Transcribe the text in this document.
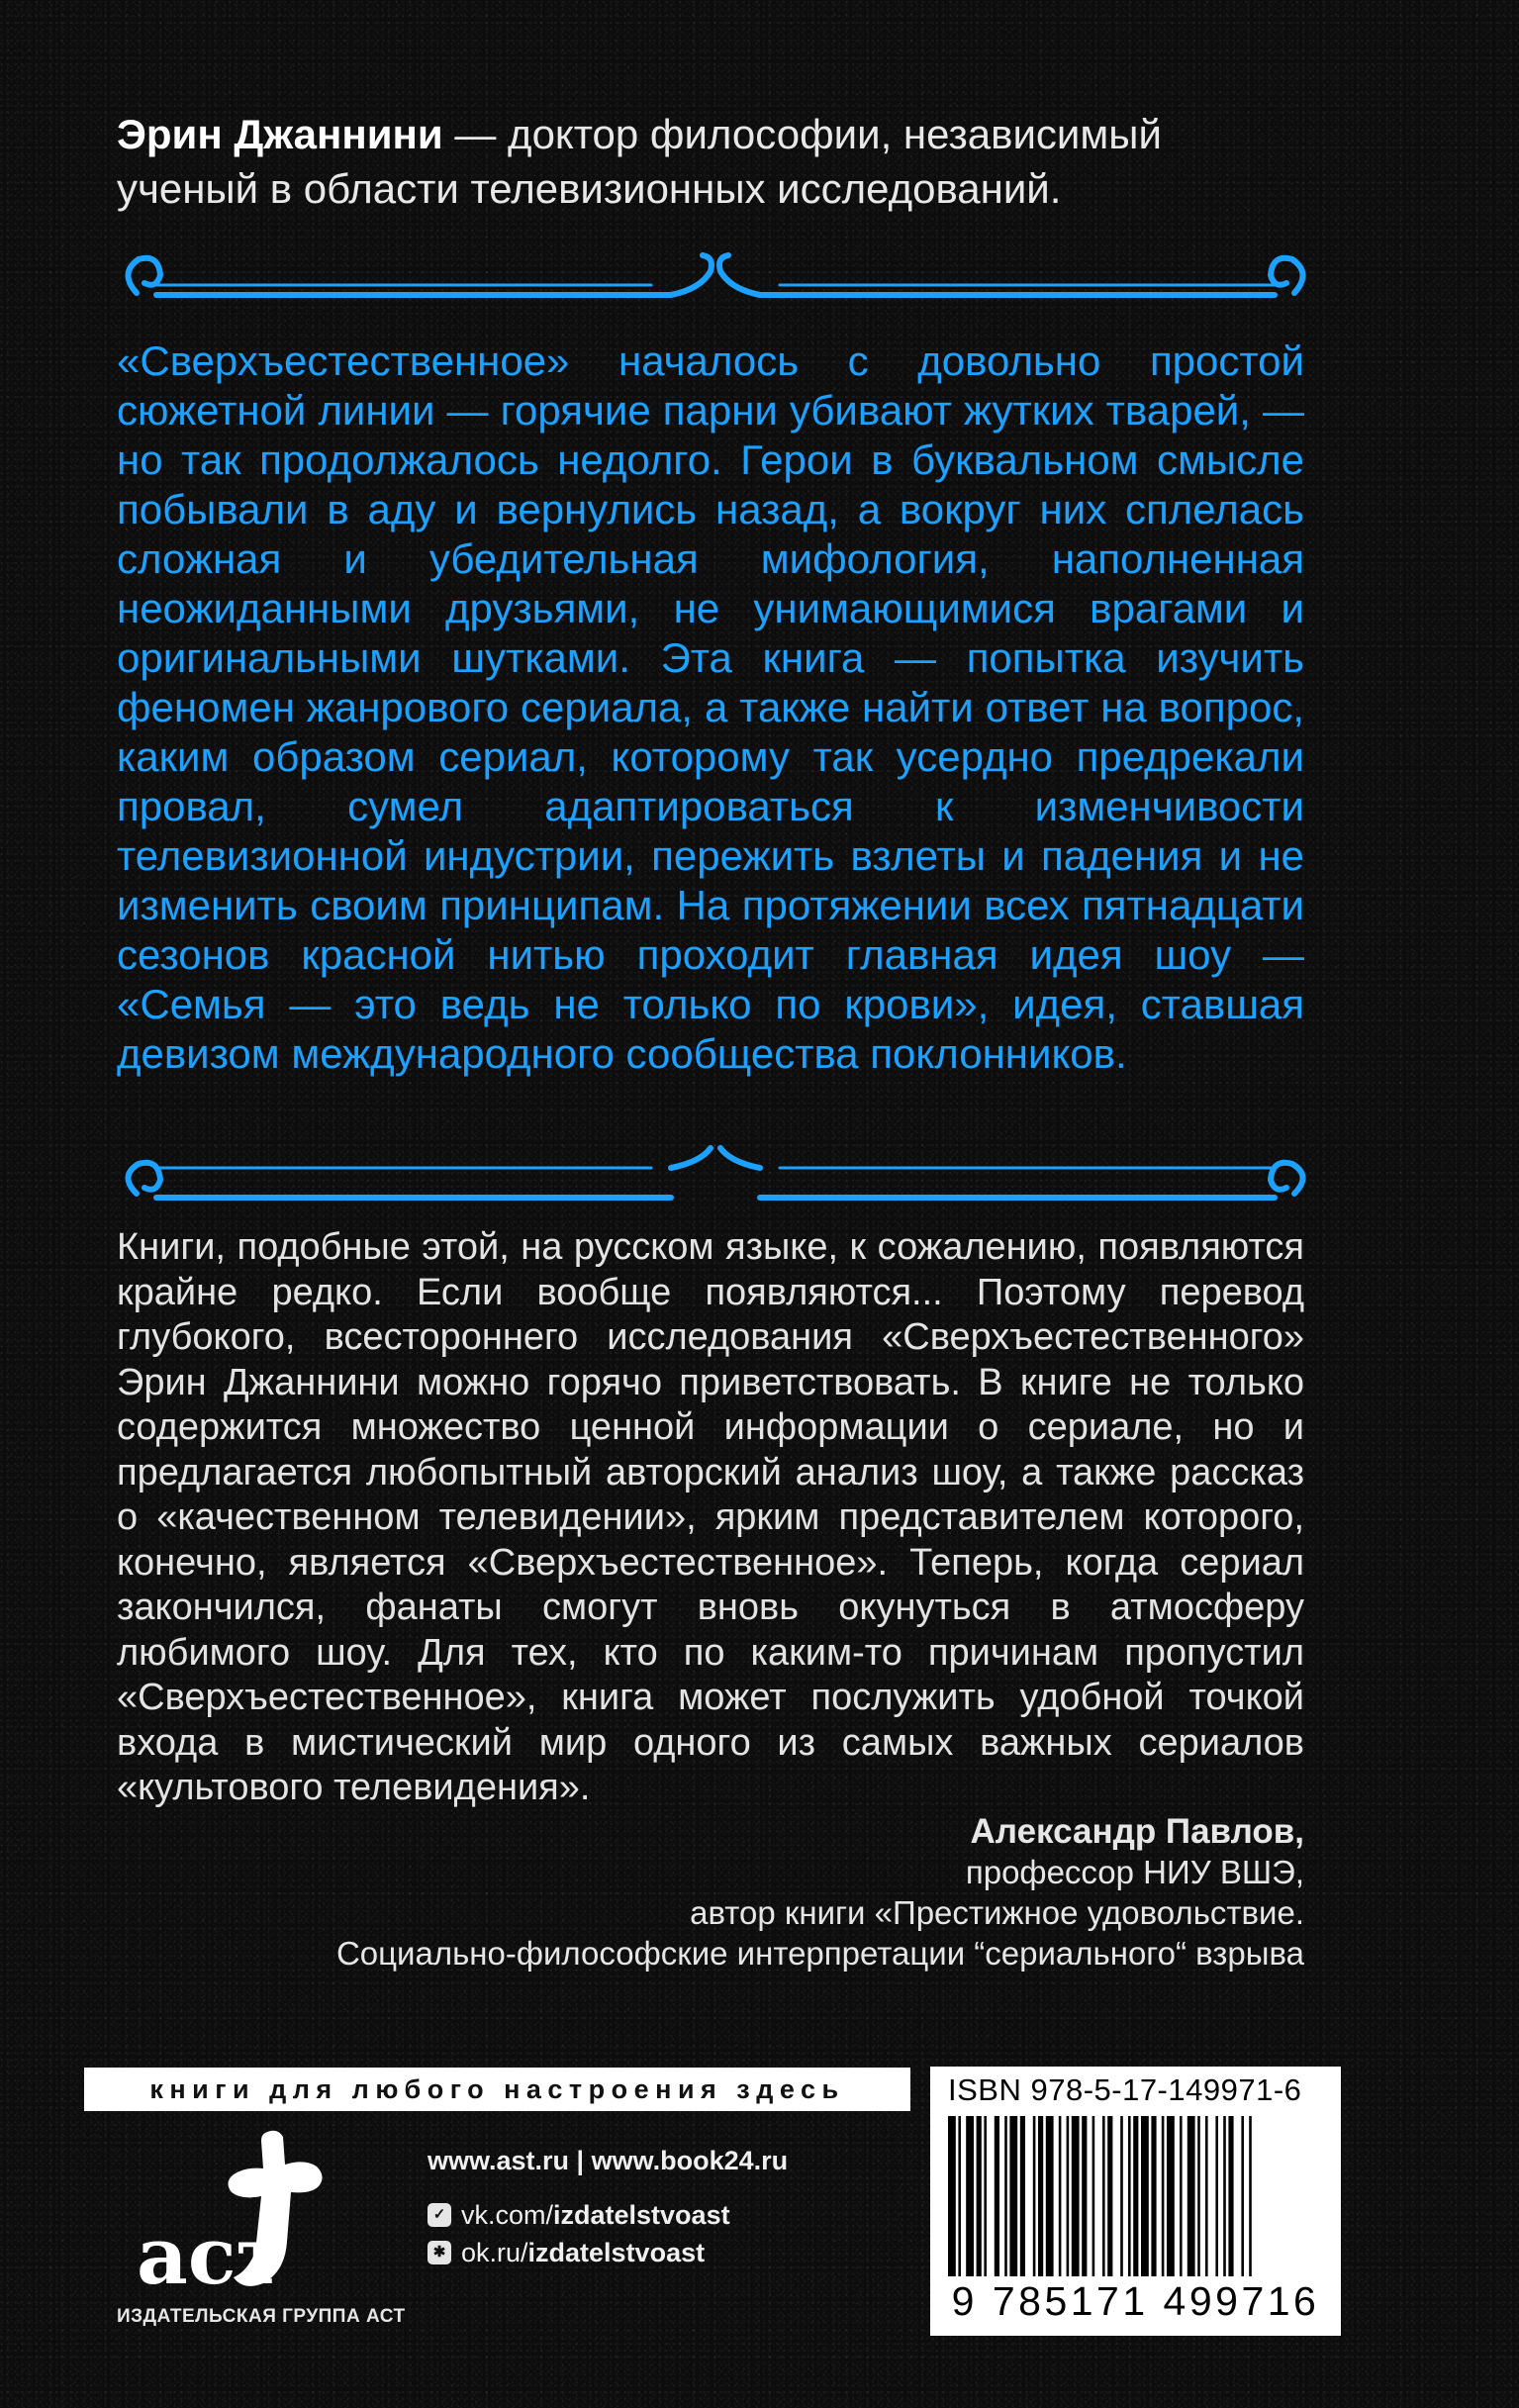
Эрин Джаннини — доктор философии, независимый ученый в области телевизионных исследований.
«Сверхъестественное» началось с довольно простой сюжетной линии — горячие парни убивают жутких тварей, — но так продолжалось недолго. Герои в буквальном смысле побывали в аду и вернулись назад, а вокруг них сплелась сложная и убедительная мифология, наполненная неожиданными друзьями, не унимающимися врагами и оригинальными шутками. Эта книга — попытка изучить феномен жанрового сериала, а также найти ответ на вопрос, каким образом сериал, которому так усердно предрекали провал, сумел адаптироваться к изменчивости телевизионной индустрии, пережить взлеты и падения и не изменить своим принципам. На протяжении всех пятнадцати сезонов красной нитью проходит главная идея шоу — «Семья — это ведь не только по крови», идея, ставшая девизом международного сообщества поклонников.
Книги, подобные этой, на русском языке, к сожалению, появляются крайне редко. Если вообще появляются... Поэтому перевод глубокого, всестороннего исследования «Сверхъестественного» Эрин Джаннини можно горячо приветствовать. В книге не только содержится множество ценной информации о сериале, но и предлагается любопытный авторский анализ шоу, а также рассказ о «качественном телевидении», ярким представителем которого, конечно, является «Сверхъестественное». Теперь, когда сериал закончился, фанаты смогут вновь окунуться в атмосферу любимого шоу. Для тех, кто по каким-то причинам пропустил «Сверхъестественное», книга может послужить удобной точкой входа в мистический мир одного из самых важных сериалов «культового телевидения».
Александр Павлов,
профессор НИУ ВШЭ,
автор книги «Престижное удовольствие.
Социально-философские интерпретации “сериального“ взрыва
книги для любого настроения здесь
аст
ИЗДАТЕЛЬСКАЯ ГРУППА АСТ
www.ast.ru | www.book24.ru
✓ vk.com/izdatelstvoast
✱ ok.ru/izdatelstvoast
ISBN 978-5-17-149971-6
9 785171 499716
